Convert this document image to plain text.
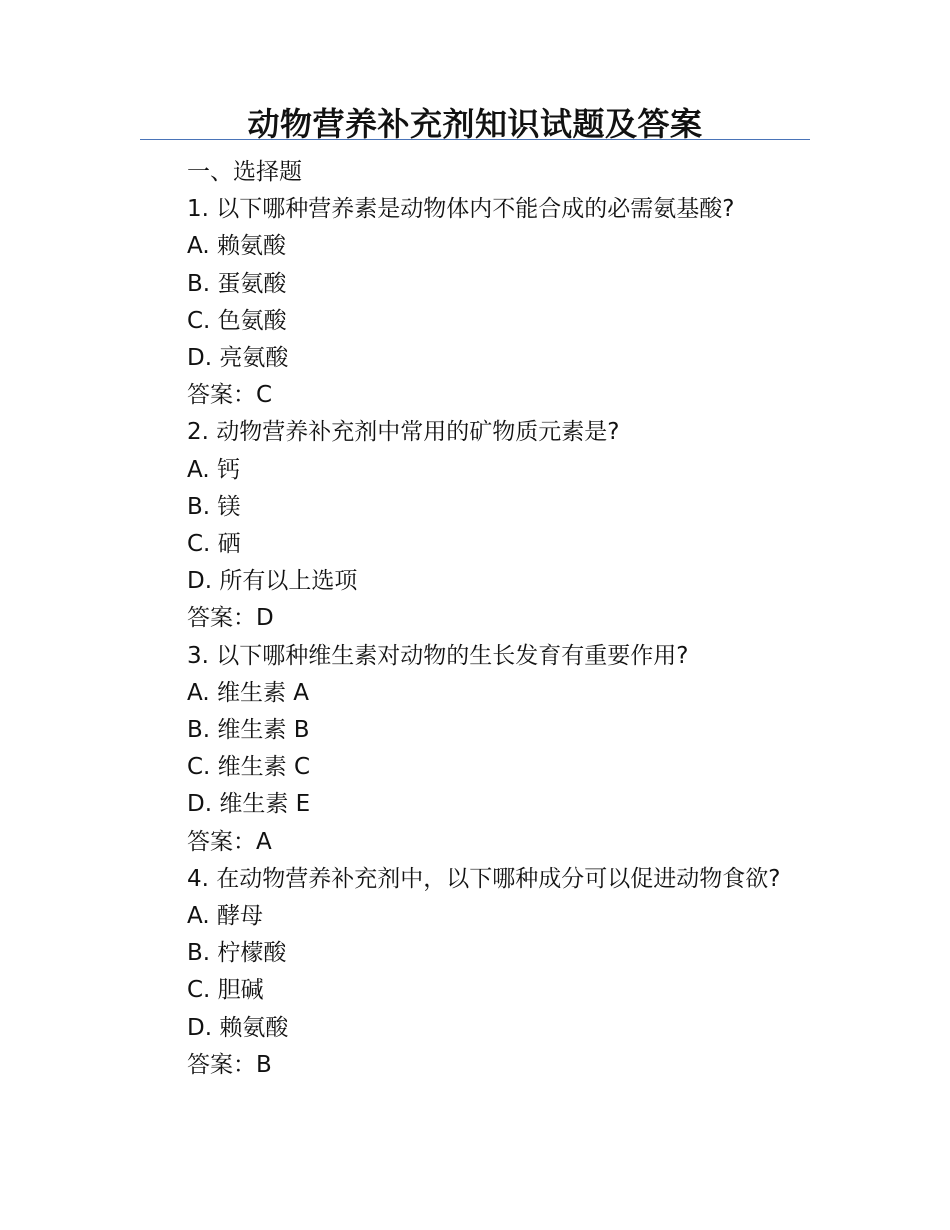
动物营养补充剂知识试题及答案
一、选择题
1. 以下哪种营养素是动物体内不能合成的必需氨基酸?
A. 赖氨酸
B. 蛋氨酸
C. 色氨酸
D. 亮氨酸
答案：C
2. 动物营养补充剂中常用的矿物质元素是?
A. 钙
B. 镁
C. 硒
D. 所有以上选项
答案：D
3. 以下哪种维生素对动物的生长发育有重要作用?
A. 维生素 A
B. 维生素 B
C. 维生素 C
D. 维生素 E
答案：A
4. 在动物营养补充剂中，以下哪种成分可以促进动物食欲?
A. 酵母
B. 柠檬酸
C. 胆碱
D. 赖氨酸
答案：B
